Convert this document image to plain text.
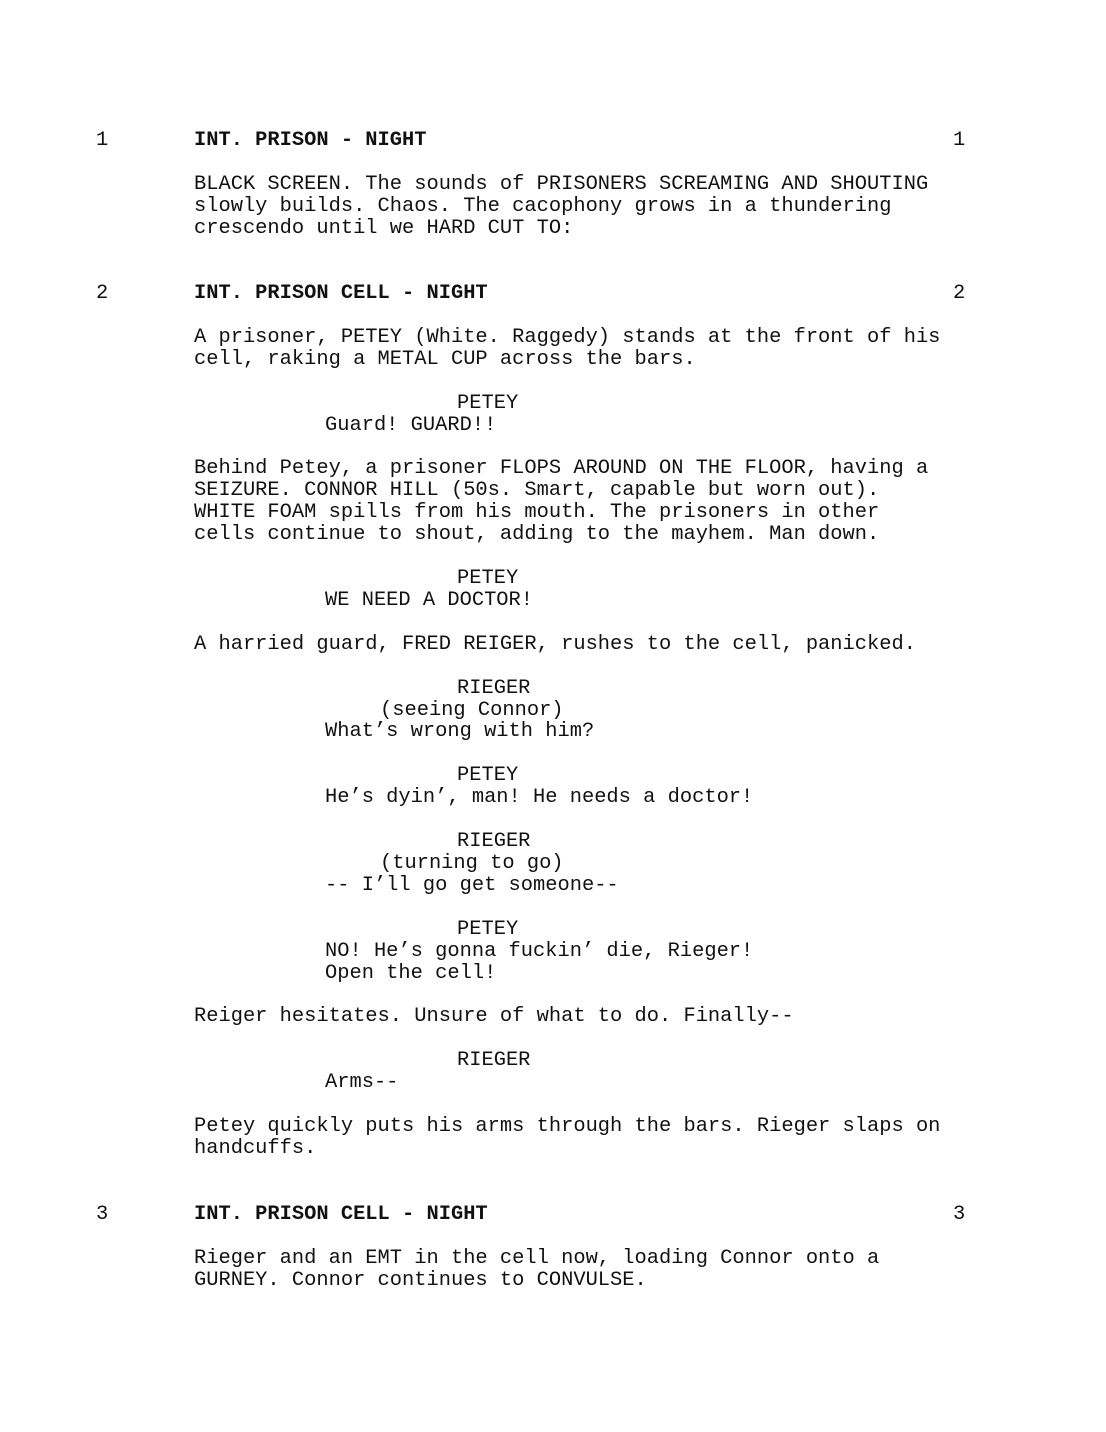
1	INT. PRISON - NIGHT	1
BLACK SCREEN. The sounds of PRISONERS SCREAMING AND SHOUTING
slowly builds. Chaos. The cacophony grows in a thundering
crescendo until we HARD CUT TO:
2	INT. PRISON CELL - NIGHT	2
A prisoner, PETEY (White. Raggedy) stands at the front of his
cell, raking a METAL CUP across the bars.
PETEY
Guard! GUARD!!
Behind Petey, a prisoner FLOPS AROUND ON THE FLOOR, having a
SEIZURE. CONNOR HILL (50s. Smart, capable but worn out).
WHITE FOAM spills from his mouth. The prisoners in other
cells continue to shout, adding to the mayhem. Man down.
PETEY
WE NEED A DOCTOR!
A harried guard, FRED REIGER, rushes to the cell, panicked.
RIEGER
(seeing Connor)
What’s wrong with him?
PETEY
He’s dyin’, man! He needs a doctor!
RIEGER
(turning to go)
-- I’ll go get someone--
PETEY
NO! He’s gonna fuckin’ die, Rieger!
Open the cell!
Reiger hesitates. Unsure of what to do. Finally--
RIEGER
Arms--
Petey quickly puts his arms through the bars. Rieger slaps on
handcuffs.
3	INT. PRISON CELL - NIGHT	3
Rieger and an EMT in the cell now, loading Connor onto a
GURNEY. Connor continues to CONVULSE.
